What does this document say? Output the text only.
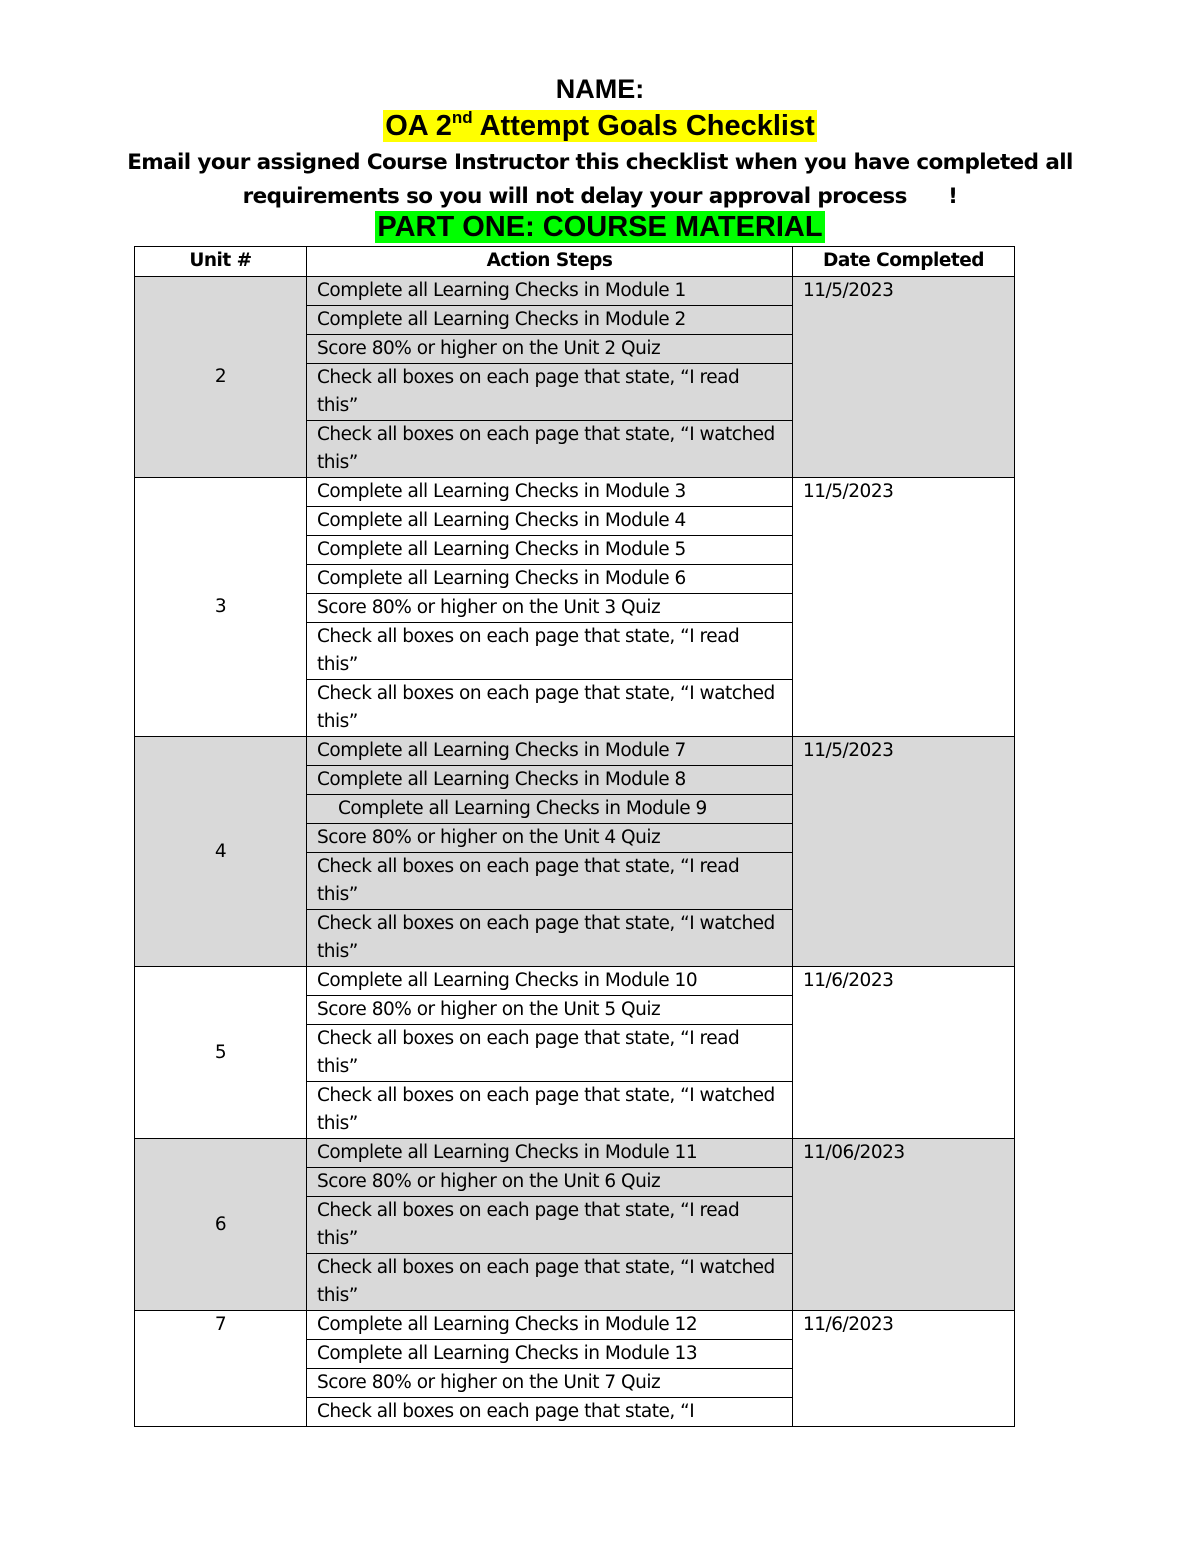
NAME:
OA 2nd Attempt Goals Checklist
Email your assigned Course Instructor this checklist when you have completed all
requirements so you will not delay your approval process      !
PART ONE: COURSE MATERIAL
Unit #	Action Steps	Date Completed
2	Complete all Learning Checks in Module 1	11/5/2023
	Complete all Learning Checks in Module 2	
	Score 80% or higher on the Unit 2 Quiz	
	Check all boxes on each page that state, “I read this”	
	Check all boxes on each page that state, “I watched this”	
3	Complete all Learning Checks in Module 3	11/5/2023
	Complete all Learning Checks in Module 4	
	Complete all Learning Checks in Module 5	
	Complete all Learning Checks in Module 6	
	Score 80% or higher on the Unit 3 Quiz	
	Check all boxes on each page that state, “I read this”	
	Check all boxes on each page that state, “I watched this”	
4	Complete all Learning Checks in Module 7	11/5/2023
	Complete all Learning Checks in Module 8	
	Complete all Learning Checks in Module 9	
	Score 80% or higher on the Unit 4 Quiz	
	Check all boxes on each page that state, “I read this”	
	Check all boxes on each page that state, “I watched this”	
5	Complete all Learning Checks in Module 10	11/6/2023
	Score 80% or higher on the Unit 5 Quiz	
	Check all boxes on each page that state, “I read this”	
	Check all boxes on each page that state, “I watched this”	
6	Complete all Learning Checks in Module 11	11/06/2023
	Score 80% or higher on the Unit 6 Quiz	
	Check all boxes on each page that state, “I read this”	
	Check all boxes on each page that state, “I watched this”	
7	Complete all Learning Checks in Module 12	11/6/2023
	Complete all Learning Checks in Module 13	
	Score 80% or higher on the Unit 7 Quiz	
	Check all boxes on each page that state, “I	
